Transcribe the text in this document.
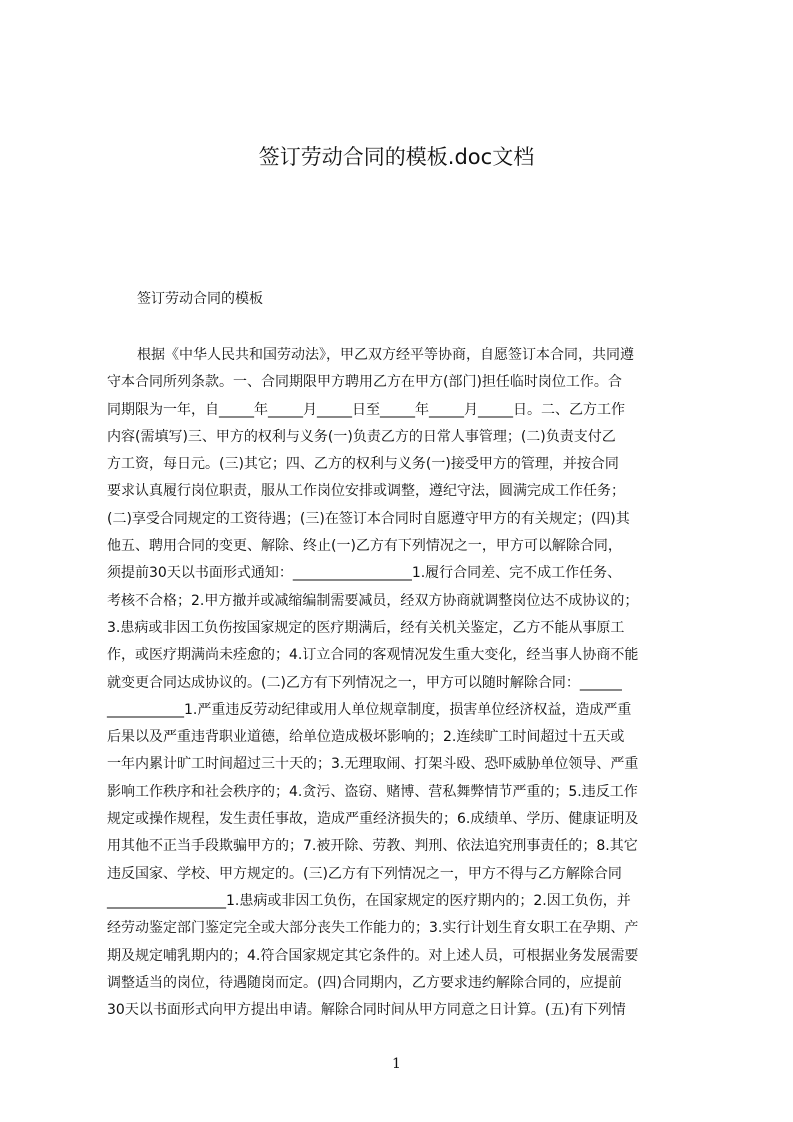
签订劳动合同的模板.doc文档
签订劳动合同的模板
根据《中华人民共和国劳动法》，甲乙双方经平等协商，自愿签订本合同，共同遵
守本合同所列条款。一、合同期限甲方聘用乙方在甲方(部门)担任临时岗位工作。合
同期限为一年，自_____年_____月_____日至_____年_____月_____日。二、乙方工作
内容(需填写)三、甲方的权利与义务(一)负责乙方的日常人事管理；(二)负责支付乙
方工资，每日元。(三)其它；四、乙方的权利与义务(一)接受甲方的管理，并按合同
要求认真履行岗位职责，服从工作岗位安排或调整，遵纪守法，圆满完成工作任务；
(二)享受合同规定的工资待遇；(三)在签订本合同时自愿遵守甲方的有关规定；(四)其
他五、聘用合同的变更、解除、终止(一)乙方有下列情况之一，甲方可以解除合同，
须提前30天以书面形式通知：_________________1.履行合同差、完不成工作任务、
考核不合格；2.甲方撤并或减缩编制需要减员，经双方协商就调整岗位达不成协议的；
3.患病或非因工负伤按国家规定的医疗期满后，经有关机关鉴定，乙方不能从事原工
作，或医疗期满尚未痊愈的；4.订立合同的客观情况发生重大变化，经当事人协商不能
就变更合同达成协议的。(二)乙方有下列情况之一，甲方可以随时解除合同：______
___________1.严重违反劳动纪律或用人单位规章制度，损害单位经济权益，造成严重
后果以及严重违背职业道德，给单位造成极坏影响的；2.连续旷工时间超过十五天或
一年内累计旷工时间超过三十天的；3.无理取闹、打架斗殴、恐吓威胁单位领导、严重
影响工作秩序和社会秩序的；4.贪污、盗窃、赌博、营私舞弊情节严重的；5.违反工作
规定或操作规程，发生责任事故，造成严重经济损失的；6.成绩单、学历、健康证明及
用其他不正当手段欺骗甲方的；7.被开除、劳教、判刑、依法追究刑事责任的；8.其它
违反国家、学校、甲方规定的。(三)乙方有下列情况之一，甲方不得与乙方解除合同
_________________1.患病或非因工负伤，在国家规定的医疗期内的；2.因工负伤，并
经劳动鉴定部门鉴定完全或大部分丧失工作能力的；3.实行计划生育女职工在孕期、产
期及规定哺乳期内的；4.符合国家规定其它条件的。对上述人员，可根据业务发展需要
调整适当的岗位，待遇随岗而定。(四)合同期内，乙方要求违约解除合同的，应提前
30天以书面形式向甲方提出申请。解除合同时间从甲方同意之日计算。(五)有下列情
1
